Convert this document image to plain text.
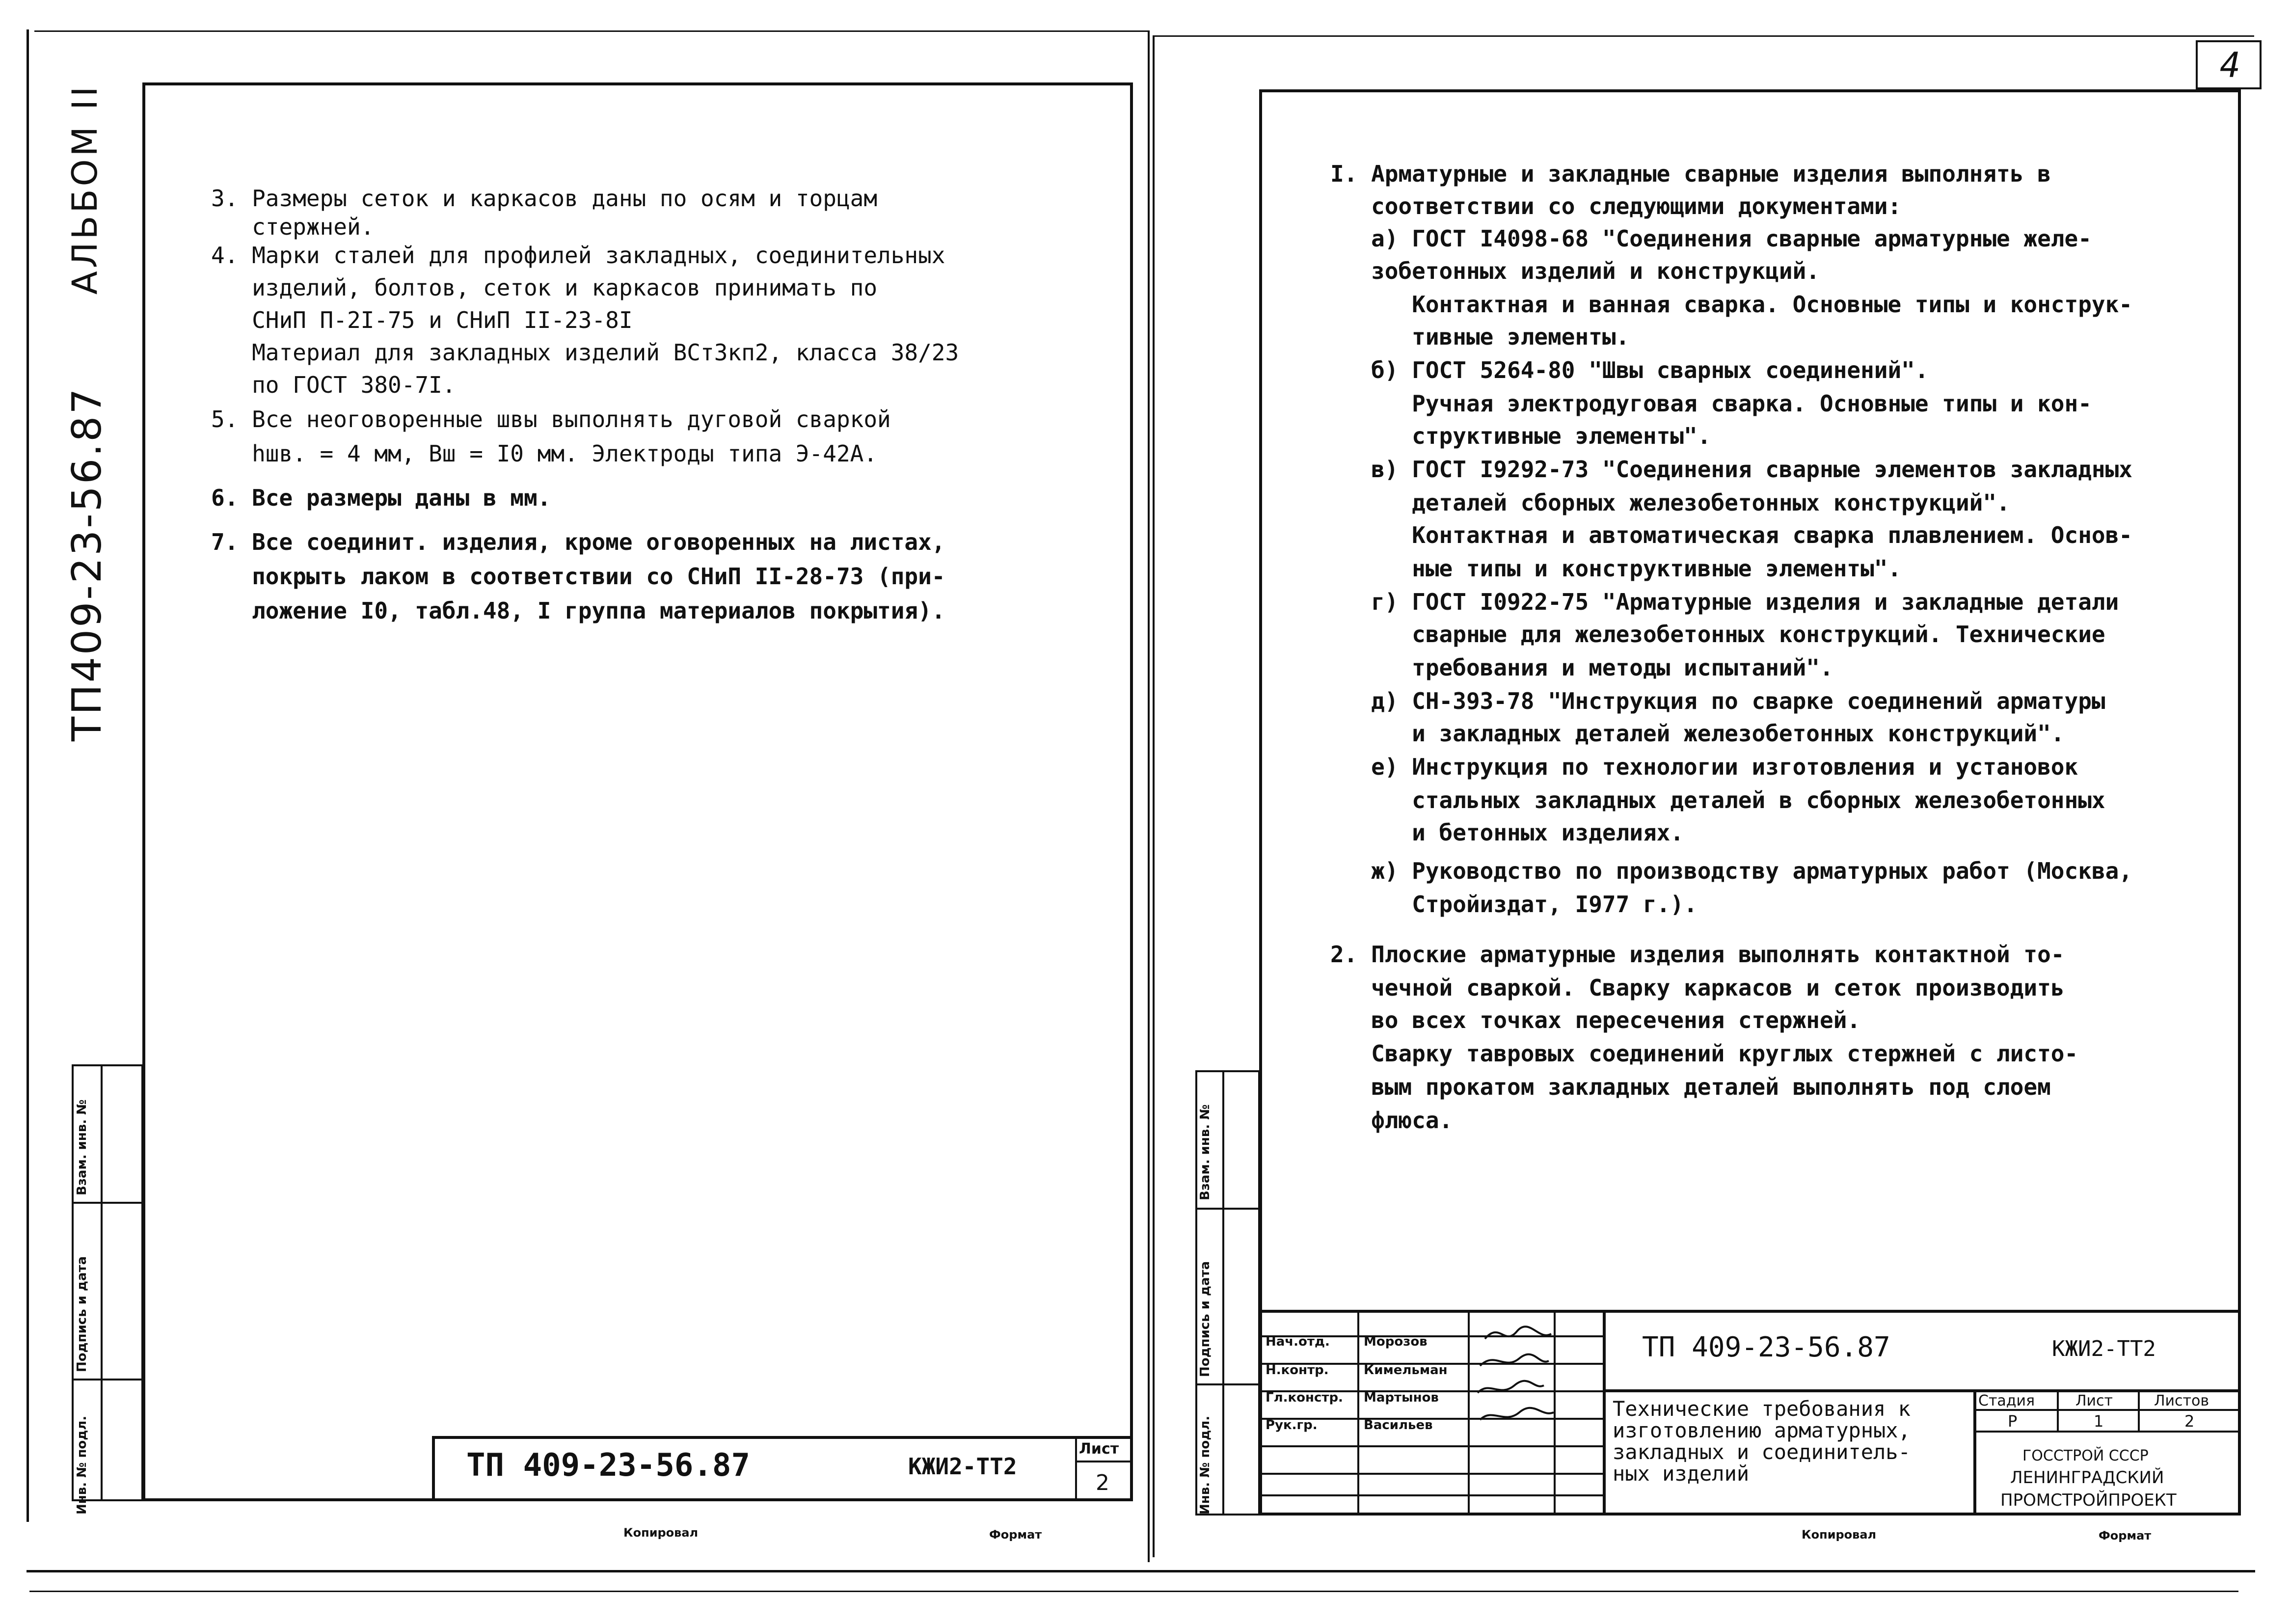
Инв. № подл.
Подпись и дата
Взам. инв. №
АЛЬБОМ II
ТП409-23-56.87
3. Размеры сеток и каркасов даны по осям и торцам
стержней.
4. Марки сталей для профилей закладных, соединительных
изделий, болтов, сеток и каркасов принимать по
СНиП П-2I-75 и СНиП II-23-8I
Материал для закладных изделий ВСт3кп2, класса 38/23
по ГОСТ 380-7I.
5. Все неоговоренные швы выполнять дуговой сваркой
hшв. = 4 мм, Вш = I0 мм. Электроды типа Э-42А.
6. Все размеры даны в мм.
7. Все соединит. изделия, кроме оговоренных на листах,
покрыть лаком в соответствии со СНиП II-28-73 (при-
ложение I0, табл.48, I группа материалов покрытия).
ТП 409-23-56.87	КЖИ2-ТТ2
Лист
2
Копировал	Формат
4
Инв. № подл.
Подпись и дата
Взам. инв. №
I. Арматурные и закладные сварные изделия выполнять в
соответствии со следующими документами:
а) ГОСТ I4098-68 "Соединения сварные арматурные желе-
зобетонных изделий и конструкций.
Контактная и ванная сварка. Основные типы и конструк-
тивные элементы.
б) ГОСТ 5264-80 "Швы сварных соединений".
Ручная электродуговая сварка. Основные типы и кон-
структивные элементы".
в) ГОСТ I9292-73 "Соединения сварные элементов закладных
деталей сборных железобетонных конструкций".
Контактная и автоматическая сварка плавлением. Основ-
ные типы и конструктивные элементы".
г) ГОСТ I0922-75 "Арматурные изделия и закладные детали
сварные для железобетонных конструкций. Технические
требования и методы испытаний".
д) СН-393-78 "Инструкция по сварке соединений арматуры
и закладных деталей железобетонных конструкций".
е) Инструкция по технологии изготовления и установок
стальных закладных деталей в сборных железобетонных
и бетонных изделиях.
ж) Руководство по производству арматурных работ (Москва,
Стройиздат, I977 г.).
2. Плоские арматурные изделия выполнять контактной то-
чечной сваркой. Сварку каркасов и сеток производить
во всех точках пересечения стержней.
Сварку тавровых соединений круглых стержней с листо-
вым прокатом закладных деталей выполнять под слоем
флюса.
Нач.отд.	Морозов
Н.контр.	Кимельман
Гл.констр. Мартынов
Рук.гр.	Васильев
ТП 409-23-56.87	КЖИ2-ТТ2
Технические требования к
изготовлению арматурных,
закладных и соединитель-
ных изделий
Стадия	Лист	Листов
Р	1	2
ГОССТРОЙ СССР
ЛЕНИНГРАДСКИЙ
ПРОМСТРОЙПРОЕКТ
Копировал	Формат
